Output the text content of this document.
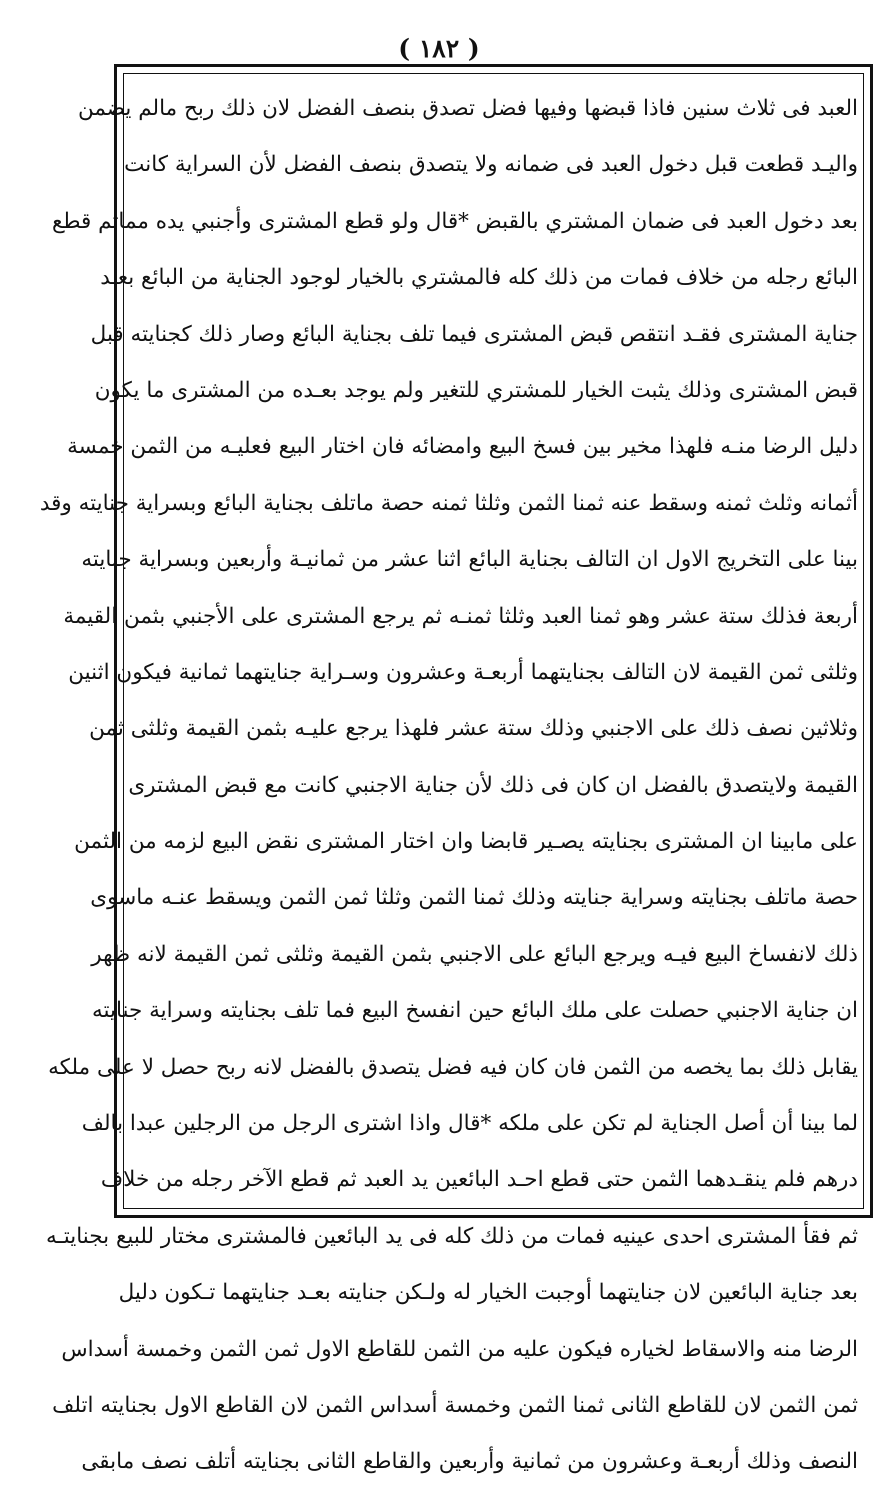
( ١٨٢ )
العبد فى ثلاث سنين فاذا قبضها وفيها فضل تصدق بنصف الفضل لان ذلك ربح مالم يضمن
واليـد قطعت قبل دخول العبد فى ضمانه ولا يتصدق بنصف الفضل لأن السراية كانت
بعد دخول العبد فى ضمان المشتري بالقبض *قال ولو قطع المشترى وأجنبي يده مماثم قطع
البائع رجله من خلاف فمات من ذلك كله فالمشتري بالخيار لوجود الجناية من البائع بعـد
جناية المشترى فقـد انتقص قبض المشترى فيما تلف بجناية البائع وصار ذلك كجنايته قبل
قبض المشترى وذلك يثبت الخيار للمشتري للتغير ولم يوجد بعـده من المشترى ما يكون
دليل الرضا منـه فلهذا مخير بين فسخ البيع وامضائه فان اختار البيع فعليـه من الثمن خمسة
أثمانه وثلث ثمنه وسقط عنه ثمنا الثمن وثلثا ثمنه حصة ماتلف بجناية البائع وبسراية جنايته وقد
بينا على التخريج الاول ان التالف بجناية البائع اثنا عشر من ثمانيـة وأربعين وبسراية جنايته
أربعة فذلك ستة عشر وهو ثمنا العبد وثلثا ثمنـه ثم يرجع المشترى على الأجنبي بثمن القيمة
وثلثى ثمن القيمة لان التالف بجنايتهما أربعـة وعشرون وسـراية جنايتهما ثمانية فيكون اثنين
وثلاثين نصف ذلك على الاجنبي وذلك ستة عشر فلهذا يرجع عليـه بثمن القيمة وثلثى ثمن
القيمة ولايتصدق بالفضل ان كان فى ذلك لأن جناية الاجنبي كانت مع قبض المشترى
على مابينا ان المشترى بجنايته يصـير قابضا وان اختار المشترى نقض البيع لزمه من الثمن
حصة ماتلف بجنايته وسراية جنايته وذلك ثمنا الثمن وثلثا ثمن الثمن ويسقط عنـه ماسوى
ذلك لانفساخ البيع فيـه ويرجع البائع على الاجنبي بثمن القيمة وثلثى ثمن القيمة لانه ظهر
ان جناية الاجنبي حصلت على ملك البائع حين انفسخ البيع فما تلف بجنايته وسراية جنايته
يقابل ذلك بما يخصه من الثمن فان كان فيه فضل يتصدق بالفضل لانه ربح حصل لا على ملكه
لما بينا أن أصل الجناية لم تكن على ملكه *قال واذا اشترى الرجل من الرجلين عبدا بالف
درهم فلم ينقـدهما الثمن حتى قطع احـد البائعين يد العبد ثم قطع الآخر رجله من خلاف
ثم فقأ المشترى احدى عينيه فمات من ذلك كله فى يد البائعين فالمشترى مختار للبيع بجنايتـه
بعد جناية البائعين لان جنايتهما أوجبت الخيار له ولـكن جنايته بعـد جنايتهما تـكون دليل
الرضا منه والاسقاط لخياره فيكون عليه من الثمن للقاطع الاول ثمن الثمن وخمسة أسداس
ثمن الثمن لان للقاطع الثانى ثمنا الثمن وخمسة أسداس الثمن لان القاطع الاول بجنايته اتلف
النصف وذلك أربعـة وعشرون من ثمانية وأربعين والقاطع الثانى بجنايته أتلف نصف مابقى
